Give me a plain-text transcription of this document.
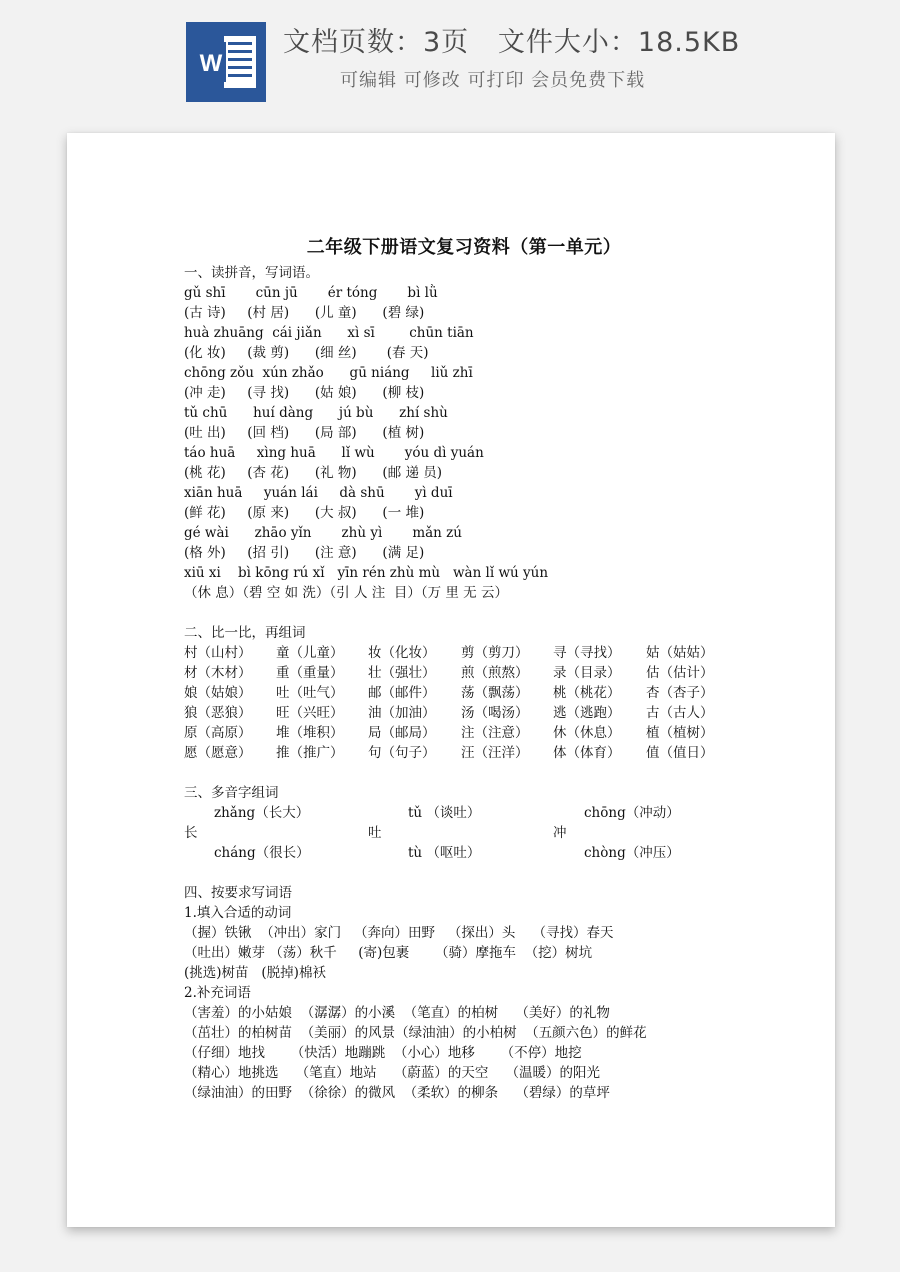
W
文档页数：3页   文件大小：18.5KB
可编辑 可修改 可打印 会员免费下载
二年级下册语文复习资料（第一单元）
一、读拼音，写词语。
gǔ shī       cūn jū       ér tóng       bì lǜ
(古 诗)     (村 居)      (儿 童)      (碧 绿)
huà zhuāng  cái jiǎn      xì sī        chūn tiān
(化 妆)     (裁 剪)      (细 丝)       (春 天)
chōng zǒu  xún zhǎo      gū niáng     liǔ zhī
(冲 走)     (寻 找)      (姑 娘)      (柳 枝)
tǔ chū      huí dàng      jú bù      zhí shù
(吐 出)     (回 档)      (局 部)      (植 树)
táo huā     xìng huā      lǐ wù       yóu dì yuán
(桃 花)     (杏 花)      (礼 物)      (邮 递 员)
xiān huā     yuán lái     dà shū       yì duī
(鲜 花)     (原 来)      (大 叔)      (一 堆)
gé wài      zhāo yǐn       zhù yì       mǎn zú
(格 外)     (招 引)      (注 意)      (满 足)
xiū xi    bì kōng rú xǐ   yīn rén zhù mù   wàn lǐ wú yún
（休 息）（碧 空 如 洗）（引 人 注  目）（万 里 无 云）
二、比一比，再组词
村（山村） 童（儿童） 妆（化妆） 剪（剪刀） 寻（寻找） 姑（姑姑）
材（木材） 重（重量） 壮（强壮） 煎（煎熬） 录（目录） 估（估计）
娘（姑娘） 吐（吐气） 邮（邮件） 荡（飘荡） 桃（桃花） 杏（杏子）
狼（恶狼） 旺（兴旺） 油（加油） 汤（喝汤） 逃（逃跑） 古（古人）
原（高原） 堆（堆积） 局（邮局） 注（注意） 休（休息） 植（植树）
愿（愿意） 推（推广） 句（句子） 汪（汪洋） 体（体育） 值（值日）
三、多音字组词
zhǎng（长大）	tǔ （谈吐）	chōng（冲动）
长	吐	冲
cháng（很长）	tù （呕吐）	chòng（冲压）
四、按要求写词语
1.填入合适的动词
（握）铁锹  （冲出）家门   （奔向）田野   （探出）头    （寻找）春天
（吐出）嫩芽 （荡）秋千     (寄)包裹      （骑）摩拖车  （挖）树坑
(挑选)树苗   (脱掉)棉袄
2.补充词语
（害羞）的小姑娘  （潺潺）的小溪  （笔直）的柏树    （美好）的礼物
（茁壮）的柏树苗  （美丽）的风景（绿油油）的小柏树  （五颜六色）的鲜花
（仔细）地找      （快活）地蹦跳  （小心）地移      （不停）地挖
（精心）地挑选    （笔直）地站    （蔚蓝）的天空    （温暖）的阳光
（绿油油）的田野  （徐徐）的微风  （柔软）的柳条    （碧绿）的草坪
